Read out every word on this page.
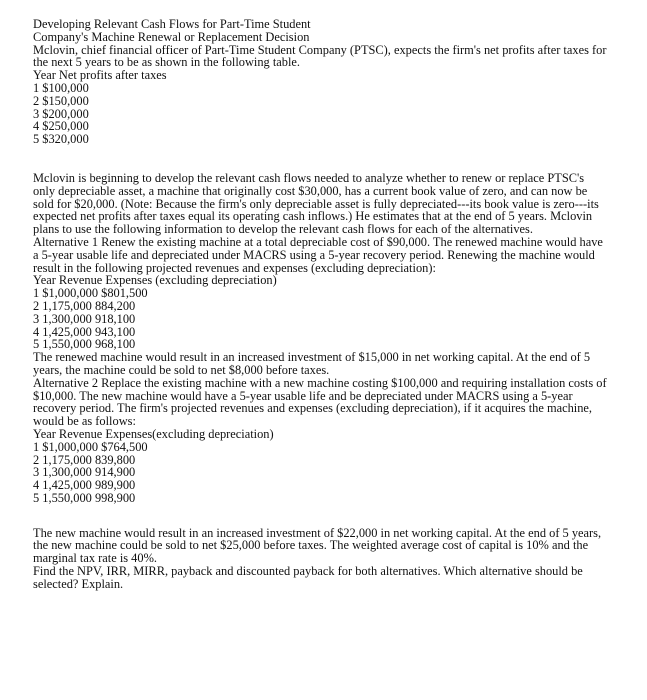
Developing Relevant Cash Flows for Part-Time Student
Company's Machine Renewal or Replacement Decision
Mclovin, chief financial officer of Part-Time Student Company (PTSC), expects the firm's net profits after taxes for the next 5 years to be as shown in the following table.
Year Net profits after taxes
1 $100,000
2 $150,000
3 $200,000
4 $250,000
5 $320,000
Mclovin is beginning to develop the relevant cash flows needed to analyze whether to renew or replace PTSC's only depreciable asset, a machine that originally cost $30,000, has a current book value of zero, and can now be sold for $20,000. (Note: Because the firm's only depreciable asset is fully depreciated---its book value is zero---its expected net profits after taxes equal its operating cash inflows.) He estimates that at the end of 5 years. Mclovin plans to use the following information to develop the relevant cash flows for each of the alternatives.
Alternative 1 Renew the existing machine at a total depreciable cost of $90,000. The renewed machine would have a 5-year usable life and depreciated under MACRS using a 5-year recovery period. Renewing the machine would result in the following projected revenues and expenses (excluding depreciation):
Year Revenue Expenses (excluding depreciation)
1 $1,000,000 $801,500
2 1,175,000 884,200
3 1,300,000 918,100
4 1,425,000 943,100
5 1,550,000 968,100
The renewed machine would result in an increased investment of $15,000 in net working capital. At the end of 5 years, the machine could be sold to net $8,000 before taxes.
Alternative 2 Replace the existing machine with a new machine costing $100,000 and requiring installation costs of $10,000. The new machine would have a 5-year usable life and be depreciated under MACRS using a 5-year recovery period. The firm's projected revenues and expenses (excluding depreciation), if it acquires the machine, would be as follows:
Year Revenue Expenses(excluding depreciation)
1 $1,000,000 $764,500
2 1,175,000 839,800
3 1,300,000 914,900
4 1,425,000 989,900
5 1,550,000 998,900
The new machine would result in an increased investment of $22,000 in net working capital. At the end of 5 years, the new machine could be sold to net $25,000 before taxes. The weighted average cost of capital is 10% and the marginal tax rate is 40%.
Find the NPV, IRR, MIRR, payback and discounted payback for both alternatives. Which alternative should be selected? Explain.
